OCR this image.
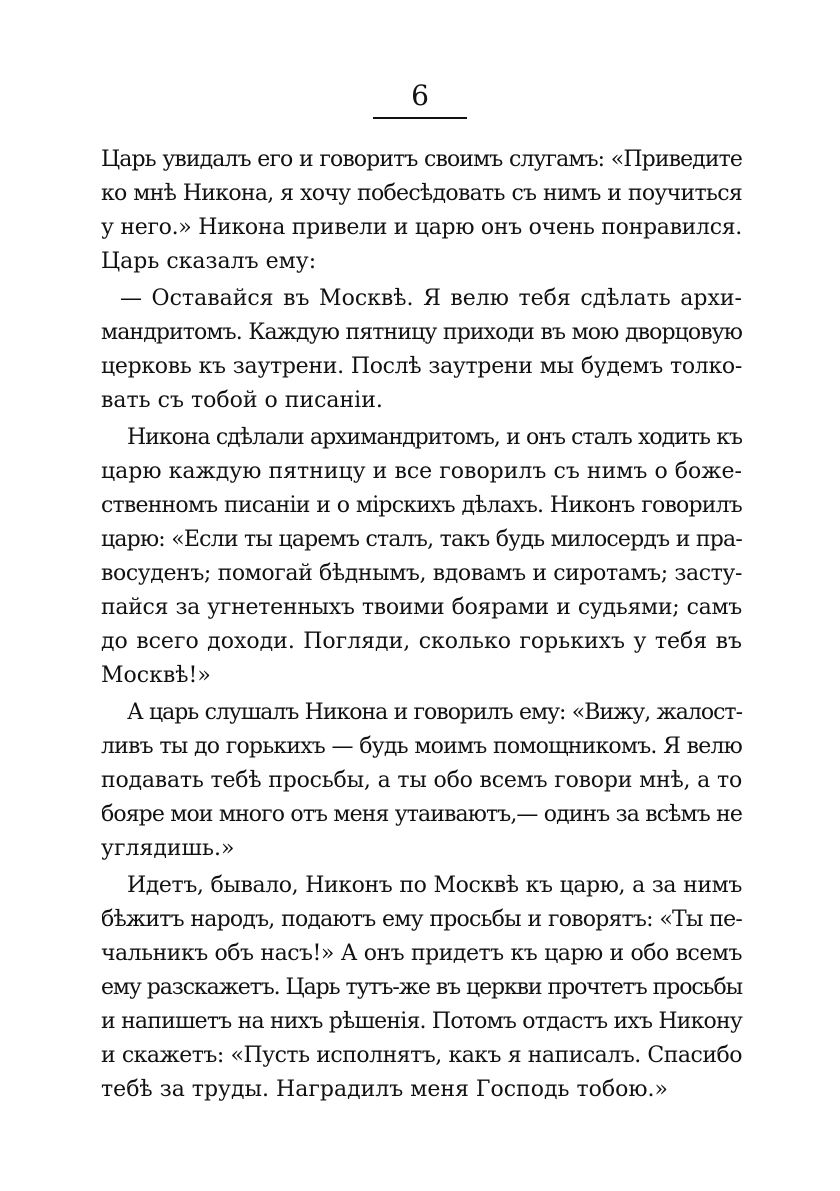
6
Царь увидалъ его и говоритъ своимъ слугамъ: «Приведите
ко мнѣ Никона, я хочу побесѣдовать съ нимъ и поучиться
у него.» Никона привели и царю онъ очень понравился.
Царь сказалъ ему:
— Оставайся въ Москвѣ. Я велю тебя сдѣлать архи-
мандритомъ. Каждую пятницу приходи въ мою дворцовую
церковь къ заутрени. Послѣ заутрени мы будемъ толко-
вать съ тобой о писаніи.
Никона сдѣлали архимандритомъ, и онъ сталъ ходить къ
царю каждую пятницу и все говорилъ съ нимъ о боже-
ственномъ писаніи и о мірскихъ дѣлахъ. Никонъ говорилъ
царю: «Если ты царемъ сталъ, такъ будь милосердъ и пра-
восуденъ; помогай бѣднымъ, вдовамъ и сиротамъ; засту-
пайся за угнетенныхъ твоими боярами и судьями; самъ
до всего доходи. Погляди, сколько горькихъ у тебя въ
Москвѣ!»
А царь слушалъ Никона и говорилъ ему: «Вижу, жалост-
ливъ ты до горькихъ — будь моимъ помощникомъ. Я велю
подавать тебѣ просьбы, а ты обо всемъ говори мнѣ, а то
бояре мои много отъ меня утаиваютъ,— одинъ за всѣмъ не
углядишь.»
Идетъ, бывало, Никонъ по Москвѣ къ царю, а за нимъ
бѣжитъ народъ, подаютъ ему просьбы и говорятъ: «Ты пе-
чальникъ объ насъ!» А онъ придетъ къ царю и обо всемъ
ему разскажетъ. Царь тутъ-же въ церкви прочтетъ просьбы
и напишетъ на нихъ рѣшенія. Потомъ отдастъ ихъ Никону
и скажетъ: «Пусть исполнятъ, какъ я написалъ. Спасибо
тебѣ за труды. Наградилъ меня Господь тобою.»
